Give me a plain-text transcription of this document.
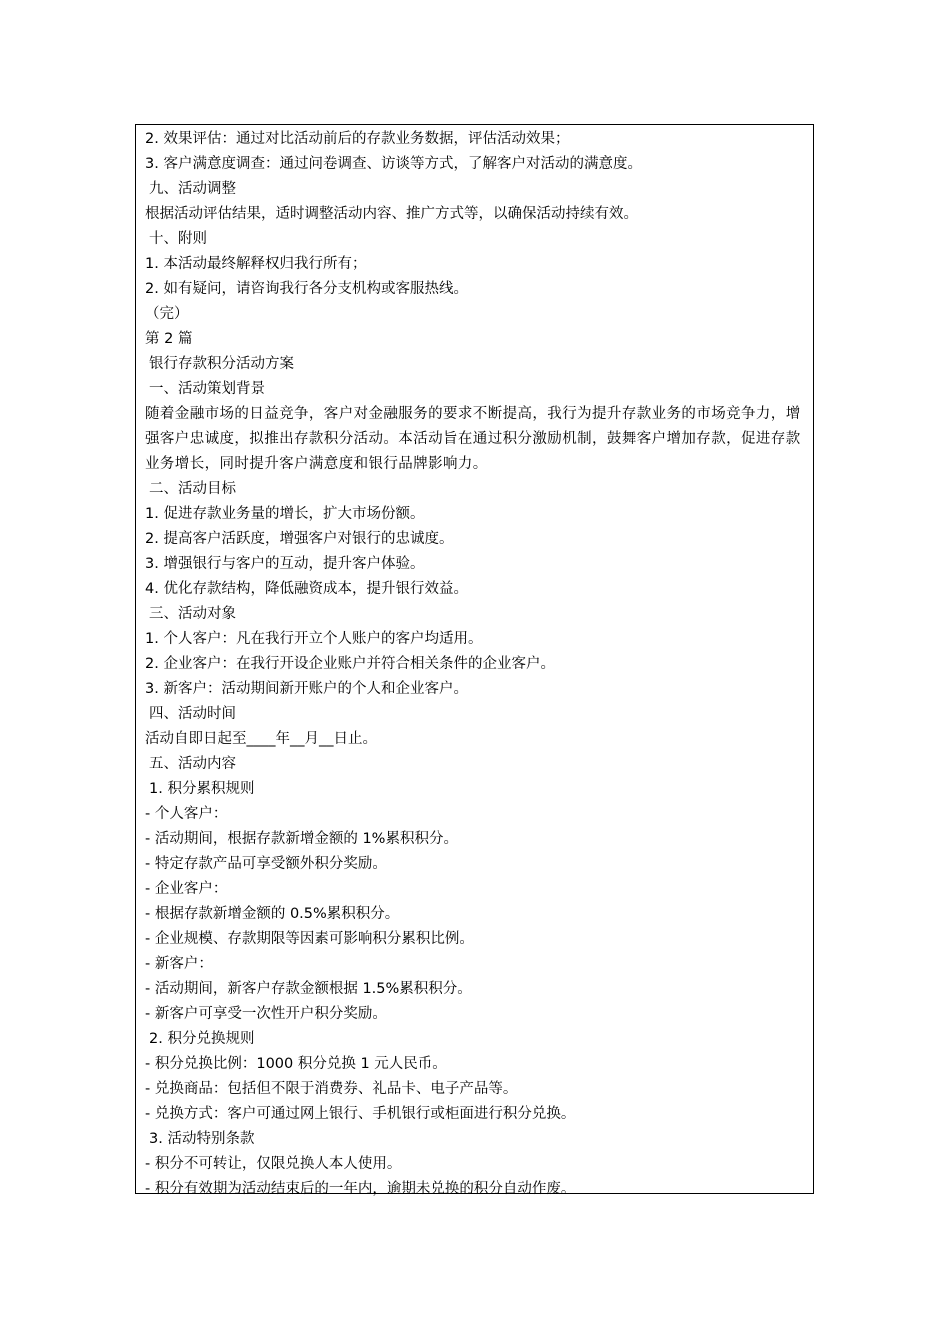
2. 效果评估：通过对比活动前后的存款业务数据，评估活动效果；
3. 客户满意度调查：通过问卷调查、访谈等方式，了解客户对活动的满意度。
九、活动调整
根据活动评估结果，适时调整活动内容、推广方式等，以确保活动持续有效。
十、附则
1. 本活动最终解释权归我行所有；
2. 如有疑问，请咨询我行各分支机构或客服热线。
（完）
第 2 篇
银行存款积分活动方案
一、活动策划背景
随着金融市场的日益竞争，客户对金融服务的要求不断提高，我行为提升存款业务的市场竞争力，增强客户忠诚度，拟推出存款积分活动。本活动旨在通过积分激励机制，鼓舞客户增加存款，促进存款业务增长，同时提升客户满意度和银行品牌影响力。
二、活动目标
1. 促进存款业务量的增长，扩大市场份额。
2. 提高客户活跃度，增强客户对银行的忠诚度。
3. 增强银行与客户的互动，提升客户体验。
4. 优化存款结构，降低融资成本，提升银行效益。
三、活动对象
1. 个人客户：凡在我行开立个人账户的客户均适用。
2. 企业客户：在我行开设企业账户并符合相关条件的企业客户。
3. 新客户：活动期间新开账户的个人和企业客户。
四、活动时间
活动自即日起至____年__月__日止。
五、活动内容
1. 积分累积规则
- 个人客户：
- 活动期间，根据存款新增金额的 1%累积积分。
- 特定存款产品可享受额外积分奖励。
- 企业客户：
- 根据存款新增金额的 0.5%累积积分。
- 企业规模、存款期限等因素可影响积分累积比例。
- 新客户：
- 活动期间，新客户存款金额根据 1.5%累积积分。
- 新客户可享受一次性开户积分奖励。
2. 积分兑换规则
- 积分兑换比例：1000 积分兑换 1 元人民币。
- 兑换商品：包括但不限于消费券、礼品卡、电子产品等。
- 兑换方式：客户可通过网上银行、手机银行或柜面进行积分兑换。
3. 活动特别条款
- 积分不可转让，仅限兑换人本人使用。
- 积分有效期为活动结束后的一年内，逾期未兑换的积分自动作废。
